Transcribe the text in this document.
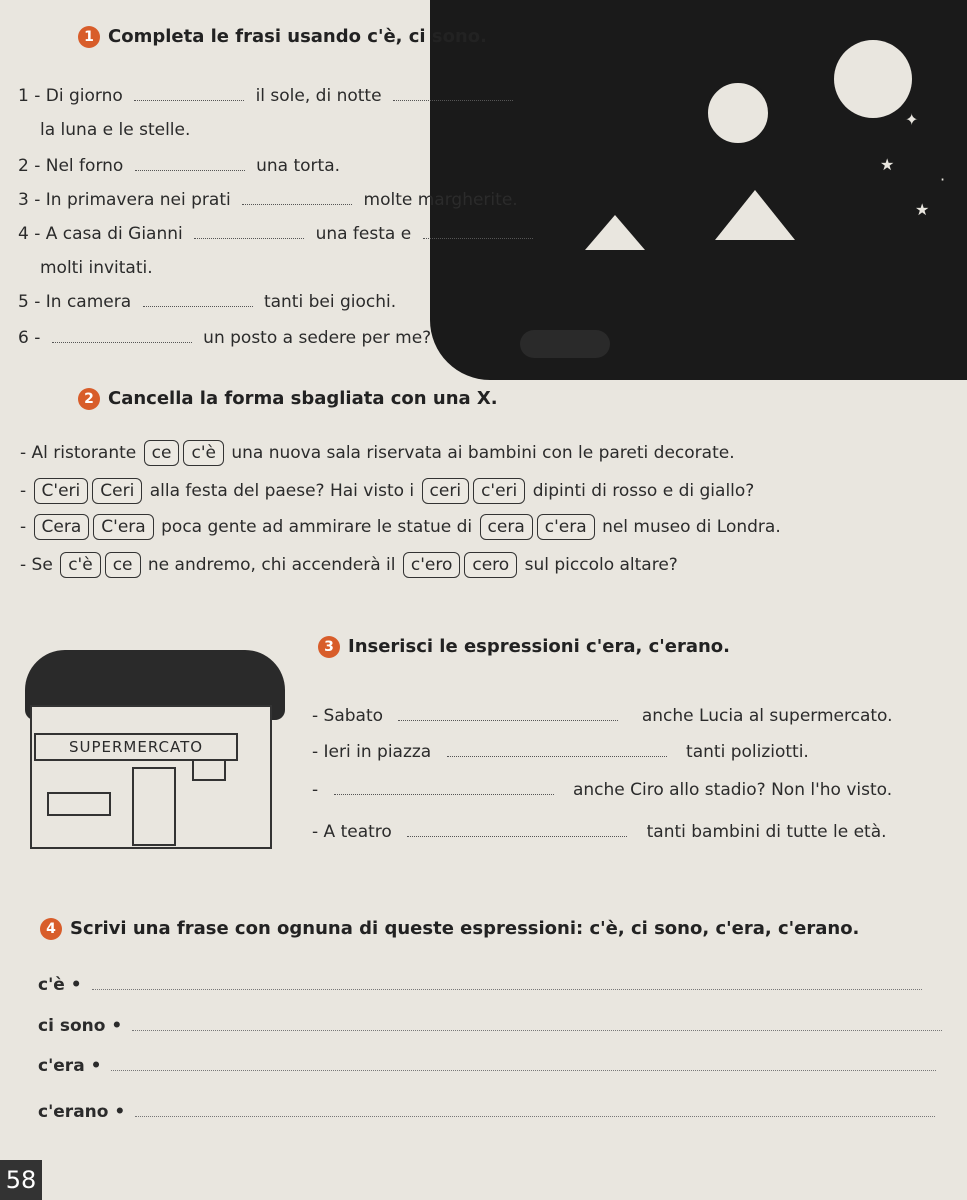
✦
★
★
·
1 Completa le frasi usando c'è, ci sono.
1 - Di giorno	il sole, di notte
la luna e le stelle.
2 - Nel forno	una torta.
3 - In primavera nei prati	molte margherite.
4 - A casa di Gianni	una festa e
molti invitati.
5 - In camera	tanti bei giochi.
6 -	un posto a sedere per me?
2 Cancella la forma sbagliata con una X.
- Al ristorante ce c'è una nuova sala riservata ai bambini con le pareti decorate.
- C'eri Ceri alla festa del paese? Hai visto i ceri c'eri dipinti di rosso e di giallo?
- Cera C'era poca gente ad ammirare le statue di cera c'era nel museo di Londra.
- Se c'è ce ne andremo, chi accenderà il c'ero cero sul piccolo altare?
3 Inserisci le espressioni c'era, c'erano.
SUPERMERCATO
- Sabato	anche Lucia al supermercato.
- Ieri in piazza	tanti poliziotti.
-	anche Ciro allo stadio? Non l'ho visto.
- A teatro	tanti bambini di tutte le età.
4 Scrivi una frase con ognuna di queste espressioni: c'è, ci sono, c'era, c'erano.
c'è •
ci sono •
c'era •
c'erano •
58
